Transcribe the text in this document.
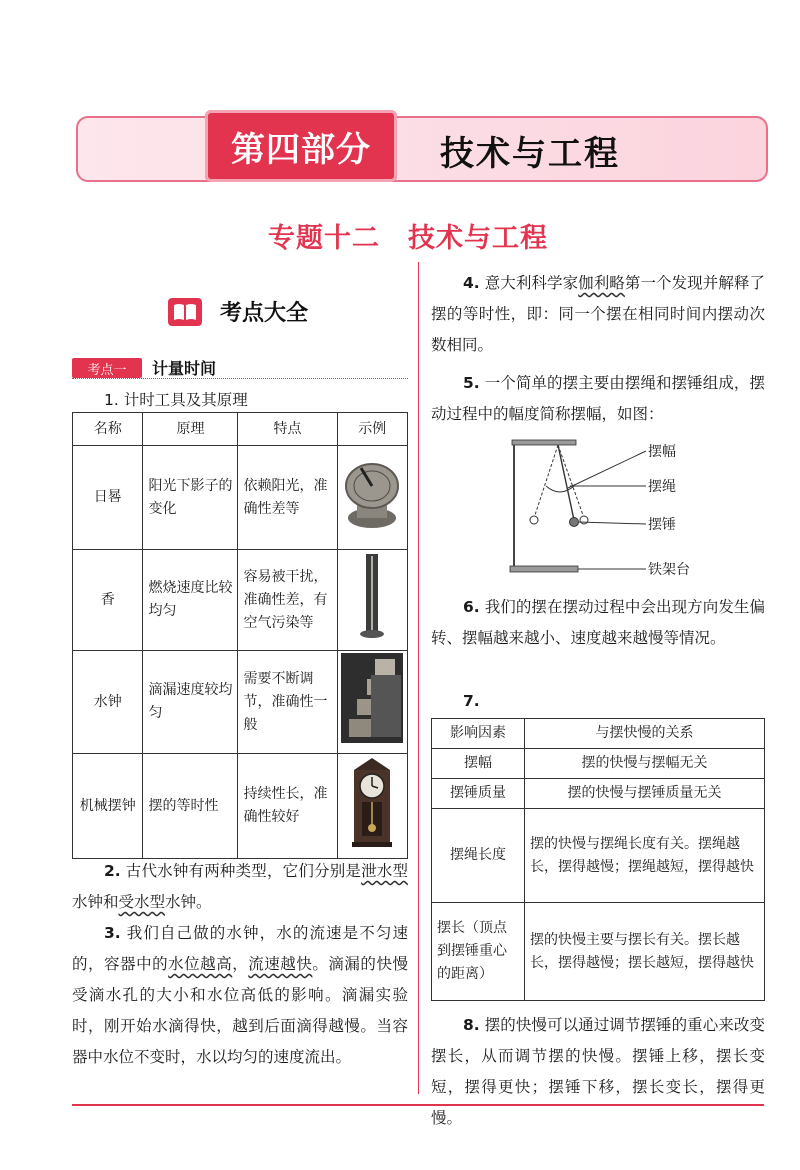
第四部分	技术与工程
专题十二　技术与工程
考点大全
考点一	计量时间

1. 计时工具及其原理

名称	原理	特点	示例
日晷	阳光下影子的变化	依赖阳光，准确性差等	
香	燃烧速度比较均匀	容易被干扰，准确性差，有空气污染等	
水钟	滴漏速度较均匀	需要不断调节，准确性一般	
机械摆钟	摆的等时性	持续性长，准确性较好	

2. 古代水钟有两种类型，它们分别是泄水型水钟和受水型水钟。

3. 我们自己做的水钟，水的流速是不匀速的，容器中的水位越高，流速越快。滴漏的快慢受滴水孔的大小和水位高低的影响。滴漏实验时，刚开始水滴得快，越到后面滴得越慢。当容器中水位不变时，水以均匀的速度流出。

4. 意大利科学家伽利略第一个发现并解释了摆的等时性，即：同一个摆在相同时间内摆动次数相同。

5. 一个简单的摆主要由摆绳和摆锤组成，摆动过程中的幅度简称摆幅，如图：

摆幅
摆绳
摆锤
铁架台

6. 我们的摆在摆动过程中会出现方向发生偏转、摆幅越来越小、速度越来越慢等情况。

7.

影响因素	与摆快慢的关系
摆幅	摆的快慢与摆幅无关
摆锤质量	摆的快慢与摆锤质量无关
摆绳长度	摆的快慢与摆绳长度有关。摆绳越长，摆得越慢；摆绳越短，摆得越快
摆长（顶点到摆锤重心的距离）	摆的快慢主要与摆长有关。摆长越长，摆得越慢；摆长越短，摆得越快

8. 摆的快慢可以通过调节摆锤的重心来改变摆长，从而调节摆的快慢。摆锤上移，摆长变短，摆得更快；摆锤下移，摆长变长，摆得更慢。
